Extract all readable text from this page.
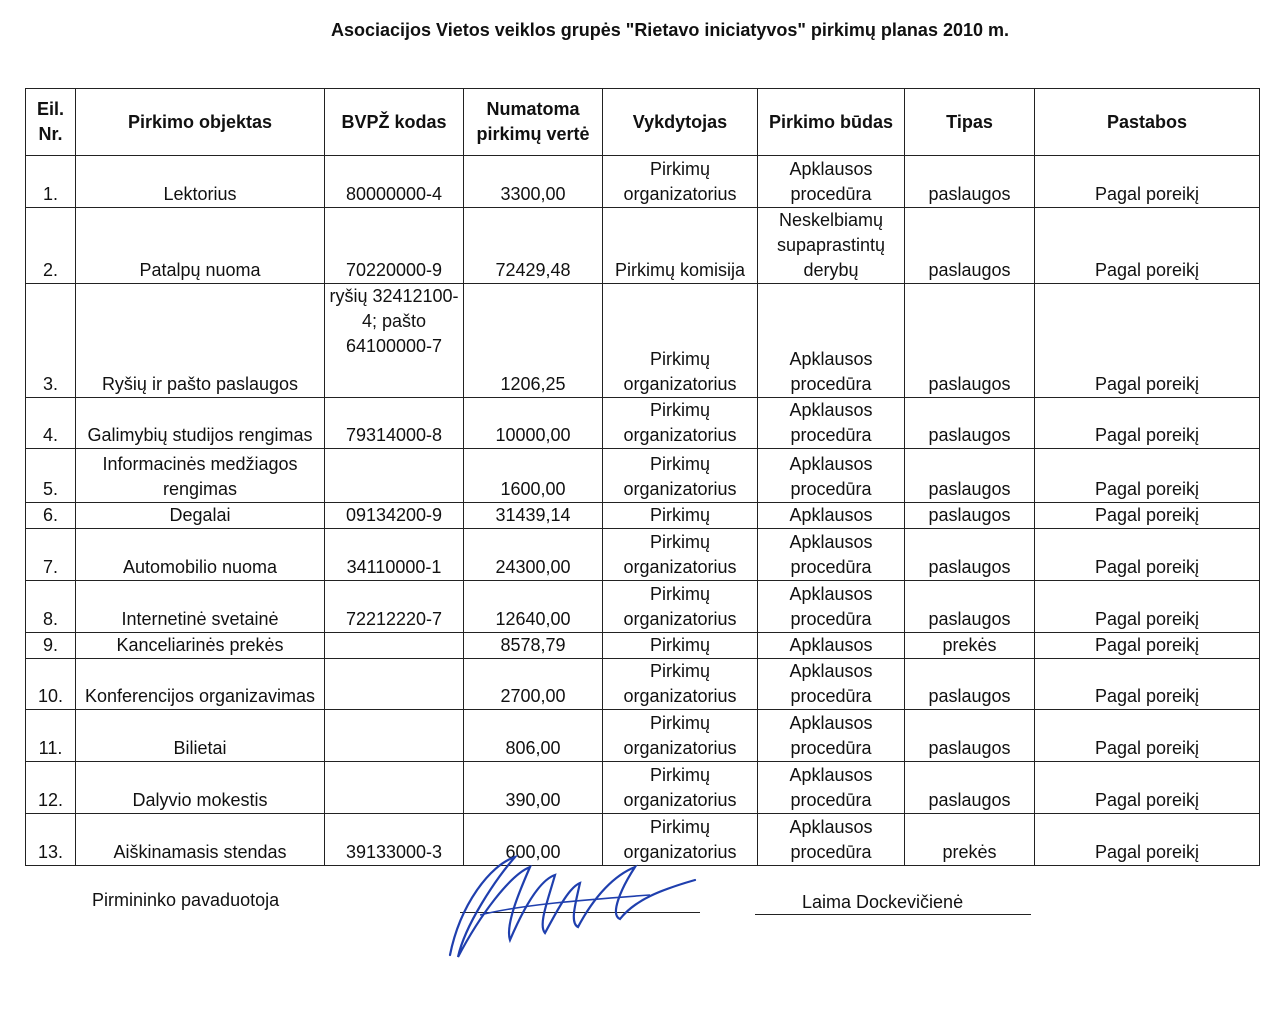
Asociacijos Vietos veiklos grupės "Rietavo iniciatyvos" pirkimų planas 2010 m.
Eil. Nr.	Pirkimo objektas	BVPŽ kodas	Numatoma pirkimų vertė	Vykdytojas	Pirkimo būdas	Tipas	Pastabos
1.	Lektorius	80000000-4	3300,00	Pirkimų organizatorius	Apklausos procedūra	paslaugos	Pagal poreikį
2.	Patalpų nuoma	70220000-9	72429,48	Pirkimų komisija	Neskelbiamų supaprastintų derybų	paslaugos	Pagal poreikį
3.	Ryšių ir pašto paslaugos	ryšių 32412100-4; pašto 64100000-7	1206,25	Pirkimų organizatorius	Apklausos procedūra	paslaugos	Pagal poreikį
4.	Galimybių studijos rengimas	79314000-8	10000,00	Pirkimų organizatorius	Apklausos procedūra	paslaugos	Pagal poreikį
5.	Informacinės medžiagos rengimas		1600,00	Pirkimų organizatorius	Apklausos procedūra	paslaugos	Pagal poreikį
6.	Degalai	09134200-9	31439,14	Pirkimų	Apklausos	paslaugos	Pagal poreikį
7.	Automobilio nuoma	34110000-1	24300,00	Pirkimų organizatorius	Apklausos procedūra	paslaugos	Pagal poreikį
8.	Internetinė svetainė	72212220-7	12640,00	Pirkimų organizatorius	Apklausos procedūra	paslaugos	Pagal poreikį
9.	Kanceliarinės prekės		8578,79	Pirkimų	Apklausos	prekės	Pagal poreikį
10.	Konferencijos organizavimas		2700,00	Pirkimų organizatorius	Apklausos procedūra	paslaugos	Pagal poreikį
11.	Bilietai		806,00	Pirkimų organizatorius	Apklausos procedūra	paslaugos	Pagal poreikį
12.	Dalyvio mokestis		390,00	Pirkimų organizatorius	Apklausos procedūra	paslaugos	Pagal poreikį
13.	Aiškinamasis stendas	39133000-3	600,00	Pirkimų organizatorius	Apklausos procedūra	prekės	Pagal poreikį
Pirmininko pavaduotoja	Laima Dockevičienė
